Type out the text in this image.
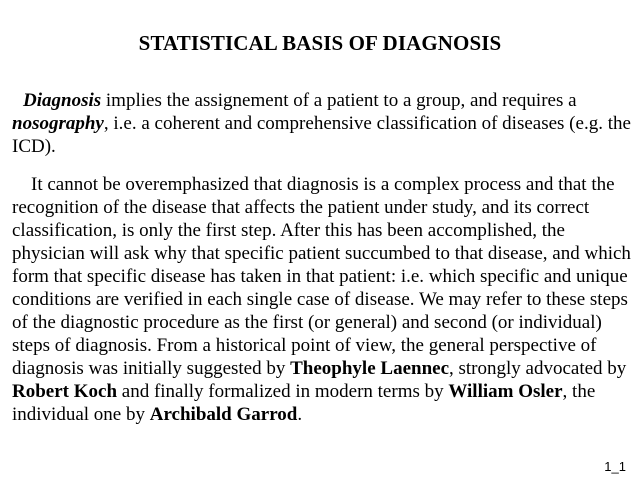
STATISTICAL BASIS OF DIAGNOSIS

Diagnosis implies the assignement of a patient to a group, and requires a nosography, i.e. a coherent and comprehensive classification of diseases (e.g. the ICD).

It cannot be overemphasized that diagnosis is a complex process and that the recognition of the disease that affects the patient under study, and its correct classification, is only the first step. After this has been accomplished, the physician will ask why that specific patient succumbed to that disease, and which form that specific disease has taken in that patient: i.e. which specific and unique conditions are verified in each single case of disease. We may refer to these steps of the diagnostic procedure as the first (or general) and second (or individual) steps of diagnosis. From a historical point of view, the general perspective of diagnosis was initially suggested by Theophyle Laennec, strongly advocated by Robert Koch and finally formalized in modern terms by William Osler, the individual one by Archibald Garrod.

1_1
